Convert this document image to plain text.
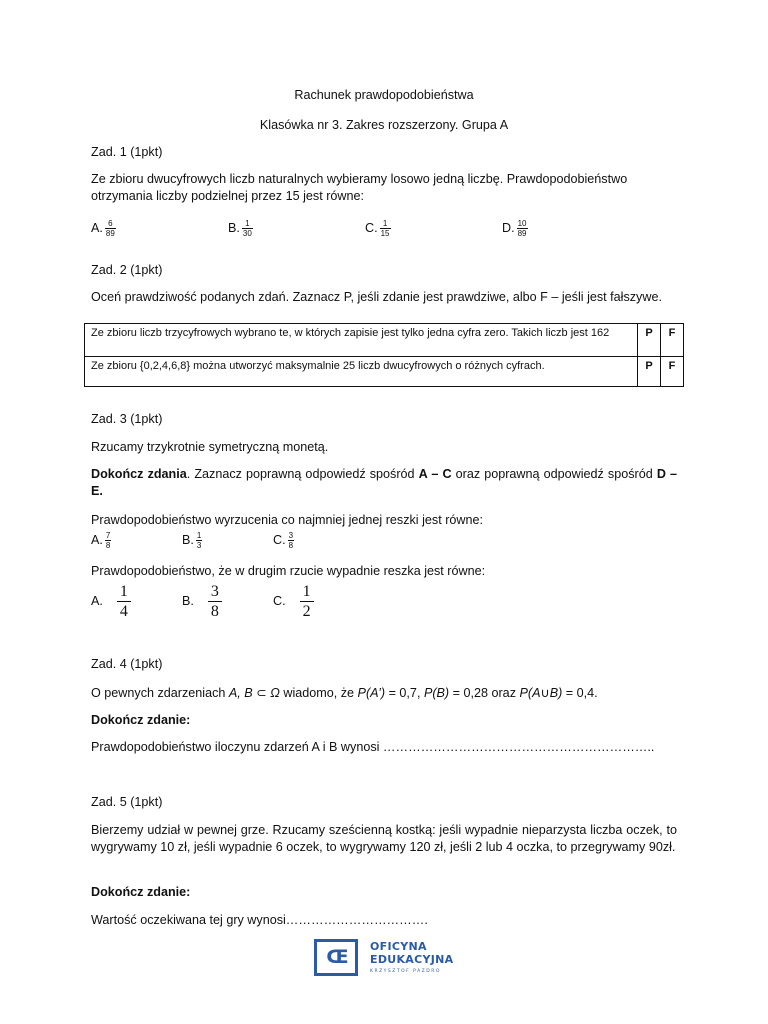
Rachunek prawdopodobieństwa
Klasówka nr 3. Zakres rozszerzony. Grupa A
Zad. 1 (1pkt)
Ze zbioru dwucyfrowych liczb naturalnych wybieramy losowo jedną liczbę. Prawdopodobieństwo otrzymania liczby podzielnej przez 15 jest równe:
A. $\frac{6}{89}$	B. $\frac{1}{30}$	C. $\frac{1}{15}$	D. $\frac{10}{89}$
Zad. 2 (1pkt)
Oceń prawdziwość podanych zdań. Zaznacz P, jeśli zdanie jest prawdziwe, albo F – jeśli jest fałszywe.
Ze zbioru liczb trzycyfrowych wybrano te, w których zapisie jest tylko jedna cyfra zero. Takich liczb jest 162	P	F
Ze zbioru {0,2,4,6,8} można utworzyć maksymalnie 25 liczb dwucyfrowych o różnych cyfrach.	P	F
Zad. 3 (1pkt)
Rzucamy trzykrotnie symetryczną monetą.
Dokończ zdania. Zaznacz poprawną odpowiedź spośród A – C oraz poprawną odpowiedź spośród D –E.
Prawdopodobieństwo wyrzucenia co najmniej jednej reszki jest równe:
A. $\frac{7}{8}$	B. $\frac{1}{3}$	C. $\frac{3}{8}$
Prawdopodobieństwo, że w drugim rzucie wypadnie reszka jest równe:
A. $\frac{1}{4}$	B. $\frac{3}{8}$	C. $\frac{1}{2}$
Zad. 4 (1pkt)
O pewnych zdarzeniach A, B ⊂ Ω wiadomo, że P(A’) = 0,7, P(B) = 0,28 oraz P(A∪B) = 0,4.
Dokończ zdanie:
Prawdopodobieństwo iloczynu zdarzeń A i B wynosi ………………………………………………………..
Zad. 5 (1pkt)
Bierzemy udział w pewnej grze. Rzucamy sześcienną kostką: jeśli wypadnie nieparzysta liczba oczek, to wygrywamy 10 zł, jeśli wypadnie 6 oczek, to wygrywamy 120 zł, jeśli 2 lub 4 oczka, to przegrywamy 90zł.
Dokończ zdanie:
Wartość oczekiwana tej gry wynosi…………………………….
Œ	OFICYNA
EDUKACYJNA
KRZYSZTOF PAZDRO
